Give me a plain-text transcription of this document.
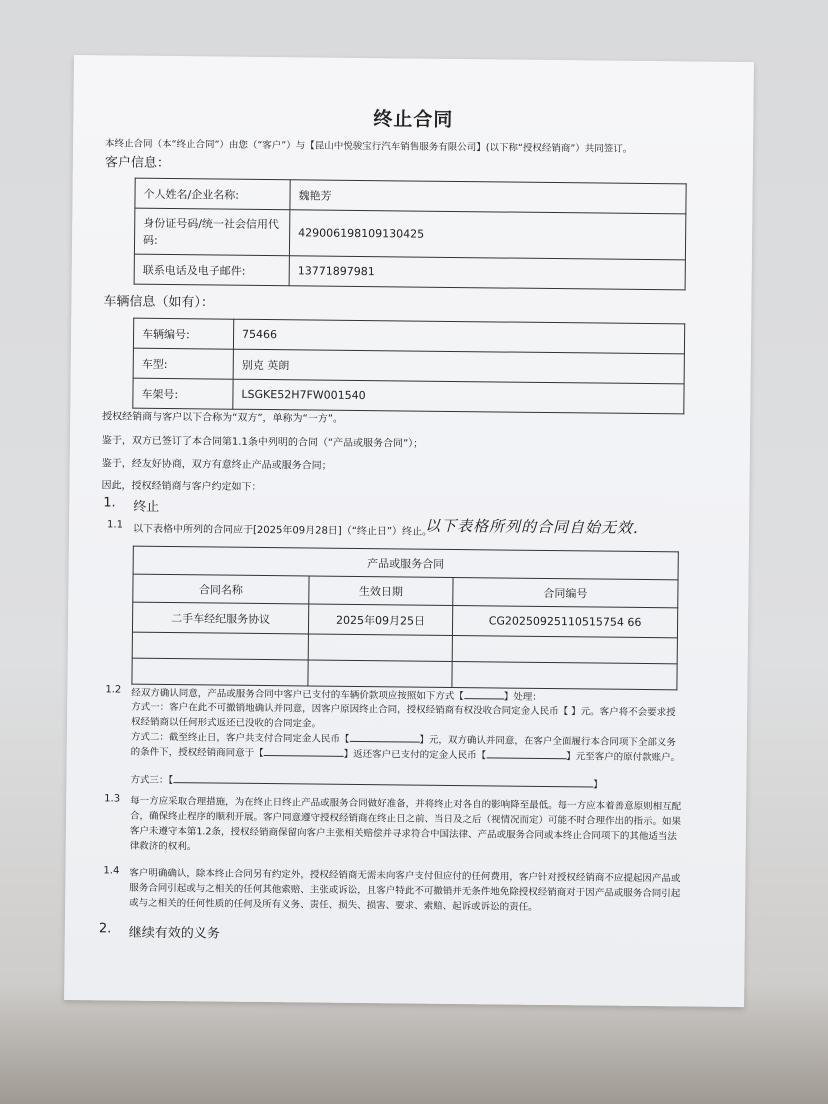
终止合同
本终止合同（本“终止合同”）由您（“客户”）与【昆山中悦骏宝行汽车销售服务有限公司】(以下称“授权经销商”）共同签订。
客户信息：
个人姓名/企业名称:	魏艳芳
身份证号码/统一社会信用代码:	429006198109130425
联系电话及电子邮件:	13771897981
车辆信息（如有）：
车辆编号:	75466
车型:	别克 英朗
车架号:	LSGKE52H7FW001540
授权经销商与客户以下合称为“双方”，单称为“一方”。
鉴于，双方已签订了本合同第1.1条中列明的合同（“产品或服务合同”）；
鉴于，经友好协商，双方有意终止产品或服务合同；
因此，授权经销商与客户约定如下：
1. 终止
1.1 以下表格中所列的合同应于[2025年09月28日]（“终止日”）终止。
以下表格所列的合同自始无效.
产品或服务合同		
合同名称	生效日期	合同编号
二手车经纪服务协议	2025年09月25日	CG20250925110515754 66

1.2 经双方确认同意，产品或服务合同中客户已支付的车辆价款项应按照如下方式【	】处理：
方式一：客户在此不可撤销地确认并同意，因客户原因终止合同，授权经销商有权没收合同定金人民币【 】元。客户将不会要求授权经销商以任何形式返还已没收的合同定金。
方式二：截至终止日，客户共支付合同定金人民币【	】元，双方确认并同意，在客户全面履行本合同项下全部义务的条件下，授权经销商同意于【	】返还客户已支付的定金人民币【	】元至客户的原付款账户。
方式三：【	】
1.3 每一方应采取合理措施，为在终止日终止产品或服务合同做好准备，并将终止对各自的影响降至最低。每一方应本着善意原则相互配合，确保终止程序的顺利开展。客户同意遵守授权经销商在终止日之前、当日及之后（视情况而定）可能不时合理作出的指示。如果客户未遵守本第1.2条，授权经销商保留向客户主张相关赔偿并寻求符合中国法律、产品或服务合同或本终止合同项下的其他适当法律救济的权利。
1.4 客户明确确认，除本终止合同另有约定外，授权经销商无需未向客户支付但应付的任何费用，客户针对授权经销商不应提起因产品或服务合同引起或与之相关的任何其他索赔、主张或诉讼，且客户特此不可撤销并无条件地免除授权经销商对于因产品或服务合同引起或与之相关的任何性质的任何及所有义务、责任、损失、损害、要求、索赔、起诉或诉讼的责任。
2. 继续有效的义务
